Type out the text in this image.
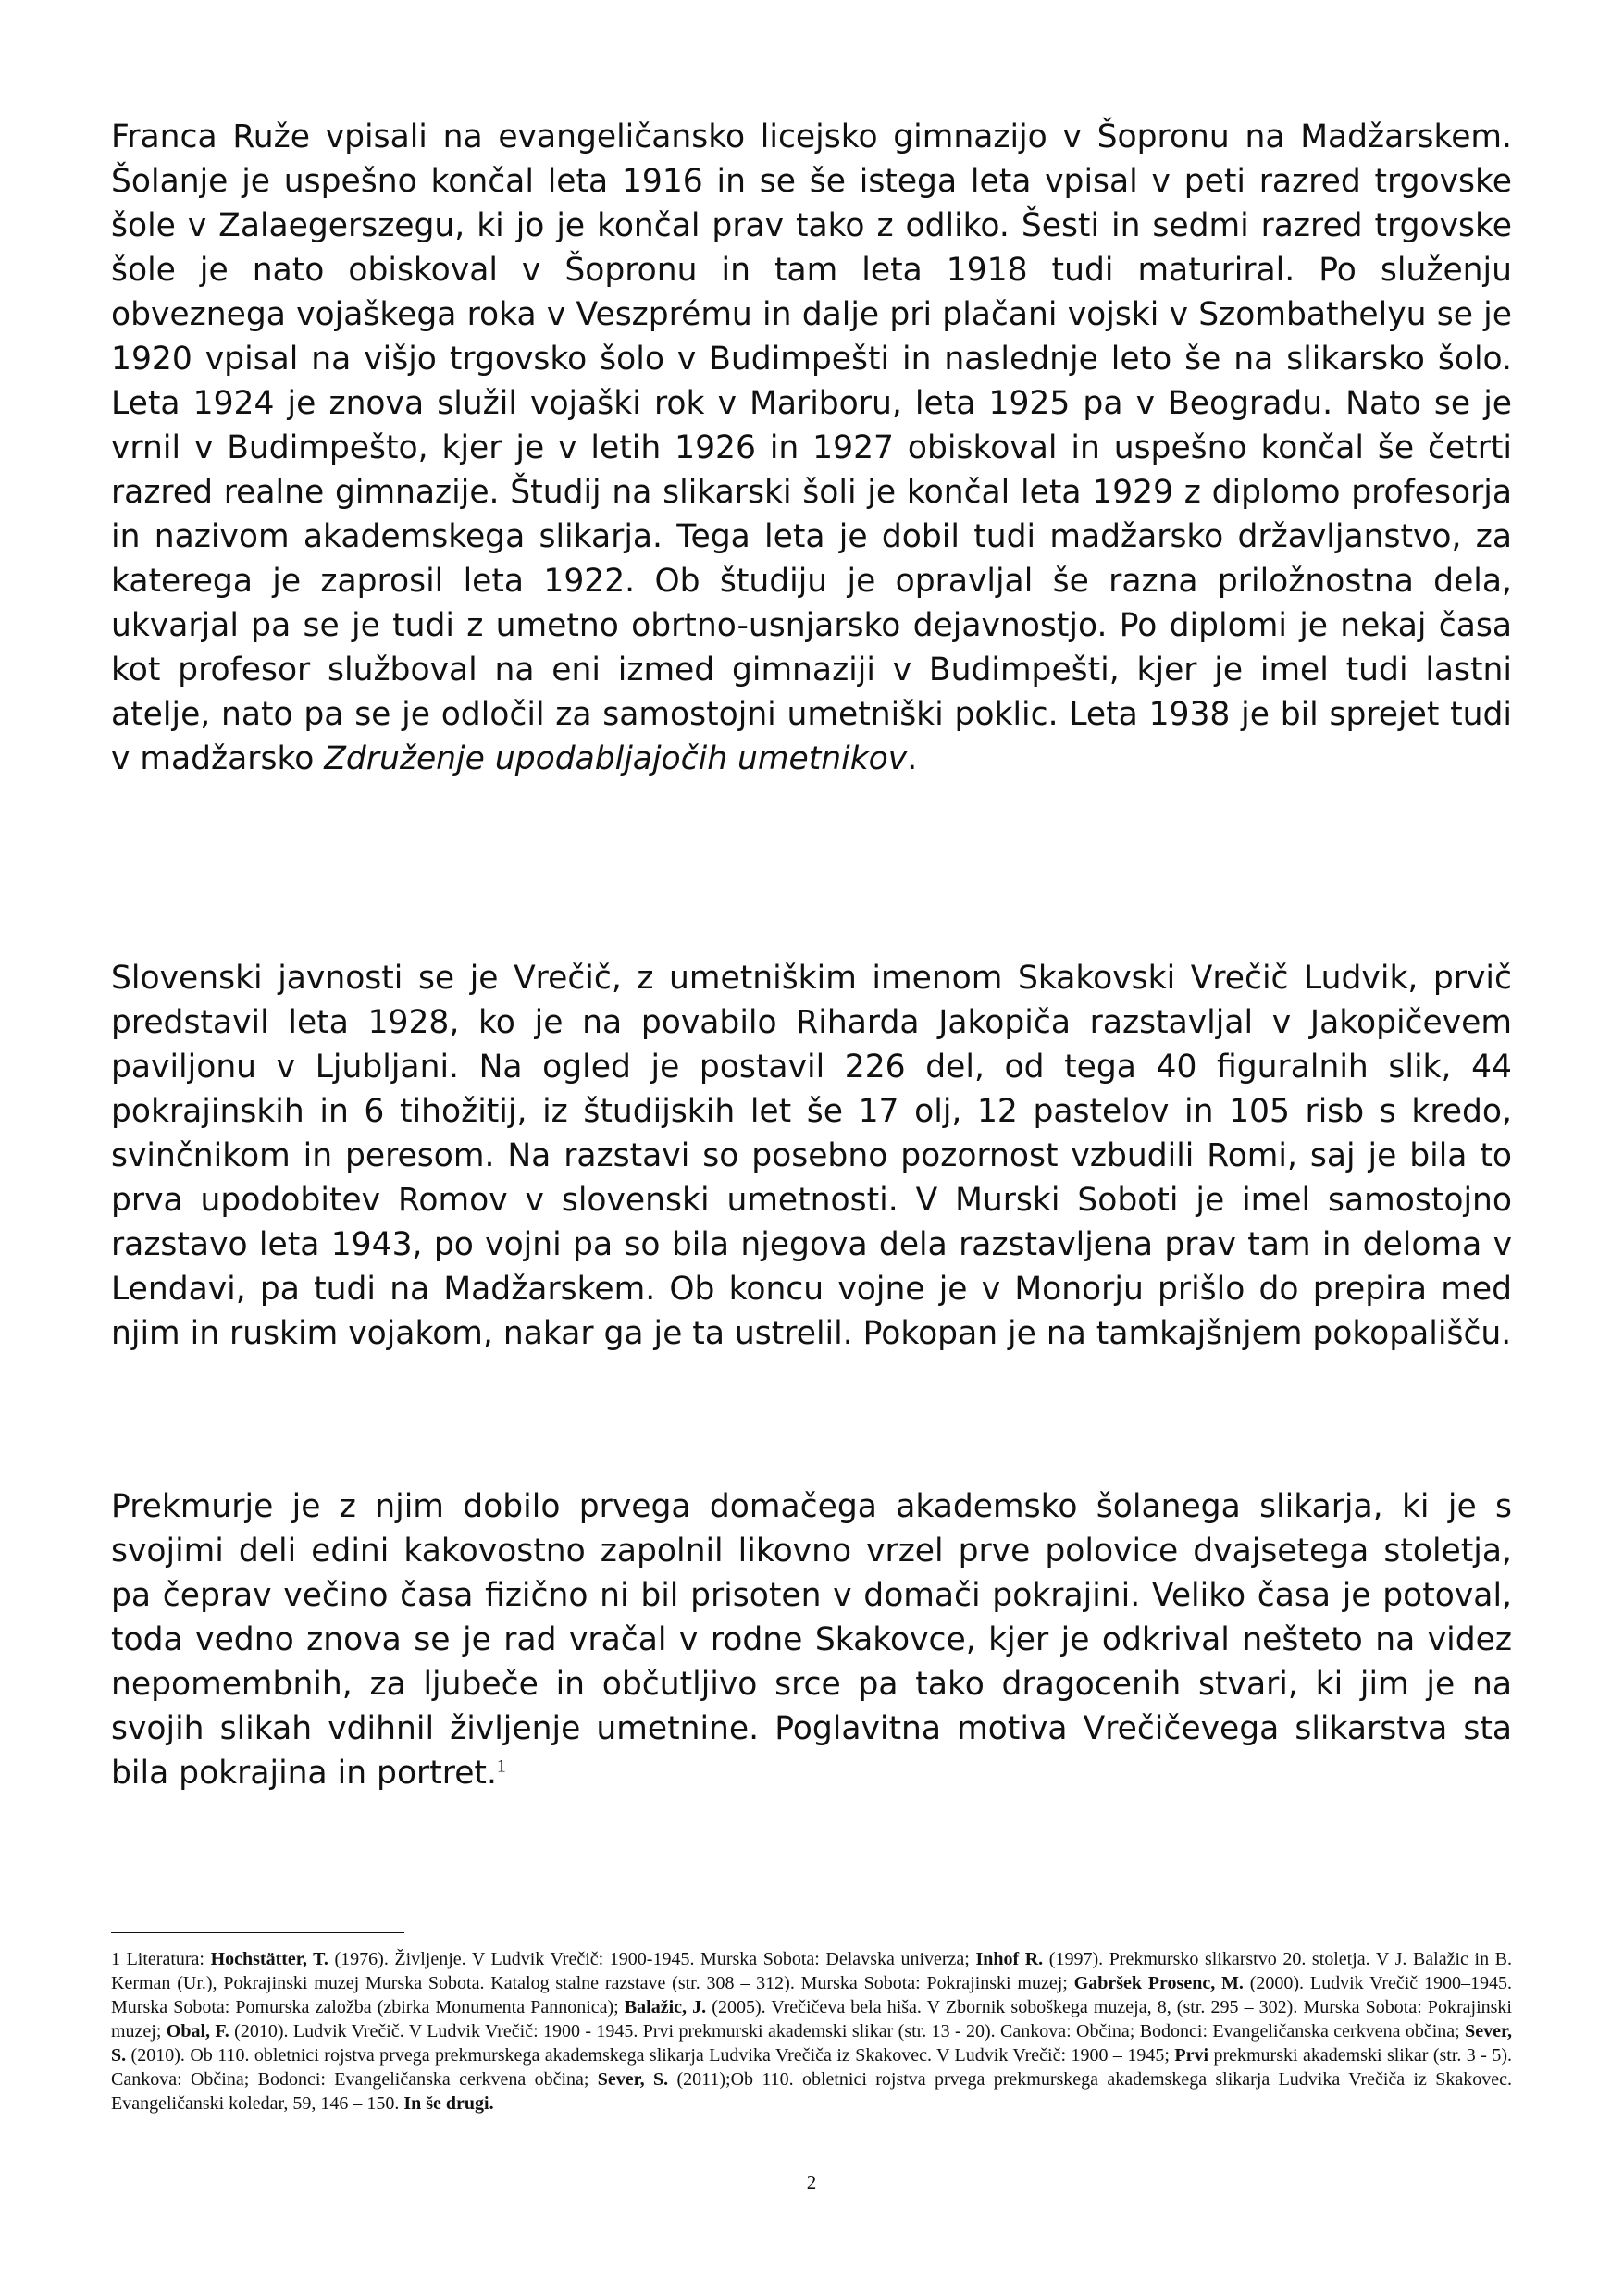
Franca Ruže vpisali na evangeličansko licejsko gimnazijo v Šopronu na Madžarskem. Šolanje je uspešno končal leta 1916 in se še istega leta vpisal v peti razred trgovske šole v Zalaegerszegu, ki jo je končal prav tako z odliko. Šesti in sedmi razred trgovske šole je nato obiskoval v Šopronu in tam leta 1918 tudi maturiral. Po služenju obveznega vojaškega roka v Veszprému in dalje pri plačani vojski v Szombathelyu se je 1920 vpisal na višjo trgovsko šolo v Budimpešti in naslednje leto še na slikarsko šolo. Leta 1924 je znova služil vojaški rok v Mariboru, leta 1925 pa v Beogradu. Nato se je vrnil v Budimpešto, kjer je v letih 1926 in 1927 obiskoval in uspešno končal še četrti razred realne gimnazije. Študij na slikarski šoli je končal leta 1929 z diplomo profesorja in nazivom akademskega slikarja. Tega leta je dobil tudi madžarsko državljanstvo, za katerega je zaprosil leta 1922. Ob študiju je opravljal še razna priložnostna dela, ukvarjal pa se je tudi z umetno obrtno-usnjarsko dejavnostjo. Po diplomi je nekaj časa kot profesor služboval na eni izmed gimnaziji v Budimpešti, kjer je imel tudi lastni atelje, nato pa se je odločil za samostojni umetniški poklic. Leta 1938 je bil sprejet tudi v madžarsko Združenje upodabljajočih umetnikov.

Slovenski javnosti se je Vrečič, z umetniškim imenom Skakovski Vrečič Ludvik, prvič predstavil leta 1928, ko je na povabilo Riharda Jakopiča razstavljal v Jakopičevem paviljonu v Ljubljani. Na ogled je postavil 226 del, od tega 40 figuralnih slik, 44 pokrajinskih in 6 tihožitij, iz študijskih let še 17 olj, 12 pastelov in 105 risb s kredo, svinčnikom in peresom. Na razstavi so posebno pozornost vzbudili Romi, saj je bila to prva upodobitev Romov v slovenski umetnosti. V Murski Soboti je imel samostojno razstavo leta 1943, po vojni pa so bila njegova dela razstavljena prav tam in deloma v Lendavi, pa tudi na Madžarskem. Ob koncu vojne je v Monorju prišlo do prepira med njim in ruskim vojakom, nakar ga je ta ustrelil. Pokopan je na tamkajšnjem pokopališču.

Prekmurje je z njim dobilo prvega domačega akademsko šolanega slikarja, ki je s svojimi deli edini kakovostno zapolnil likovno vrzel prve polovice dvajsetega stoletja, pa čeprav večino časa fizično ni bil prisoten v domači pokrajini. Veliko časa je potoval, toda vedno znova se je rad vračal v rodne Skakovce, kjer je odkrival nešteto na videz nepomembnih, za ljubeče in občutljivo srce pa tako dragocenih stvari, ki jim je na svojih slikah vdihnil življenje umetnine. Poglavitna motiva Vrečičevega slikarstva sta bila pokrajina in portret.$^1$

1 Literatura: Hochstätter, T. (1976). Življenje. V Ludvik Vrečič: 1900-1945. Murska Sobota: Delavska univerza; Inhof R. (1997). Prekmursko slikarstvo 20. stoletja. V J. Balažic in B. Kerman (Ur.), Pokrajinski muzej Murska Sobota. Katalog stalne razstave (str. 308 – 312). Murska Sobota: Pokrajinski muzej; Gabršek Prosenc, M. (2000). Ludvik Vrečič 1900–1945. Murska Sobota: Pomurska založba (zbirka Monumenta Pannonica); Balažic, J. (2005). Vrečičeva bela hiša. V Zbornik soboškega muzeja, 8, (str. 295 – 302). Murska Sobota: Pokrajinski muzej; Obal, F. (2010). Ludvik Vrečič. V Ludvik Vrečič: 1900 - 1945. Prvi prekmurski akademski slikar (str. 13 - 20). Cankova: Občina; Bodonci: Evangeličanska cerkvena občina; Sever, S. (2010). Ob 110. obletnici rojstva prvega prekmurskega akademskega slikarja Ludvika Vrečiča iz Skakovec. V Ludvik Vrečič: 1900 – 1945; Prvi prekmurski akademski slikar (str. 3 - 5). Cankova: Občina; Bodonci: Evangeličanska cerkvena občina; Sever, S. (2011);Ob 110. obletnici rojstva prvega prekmurskega akademskega slikarja Ludvika Vrečiča iz Skakovec. Evangeličanski koledar, 59, 146 – 150. In še drugi.

2
